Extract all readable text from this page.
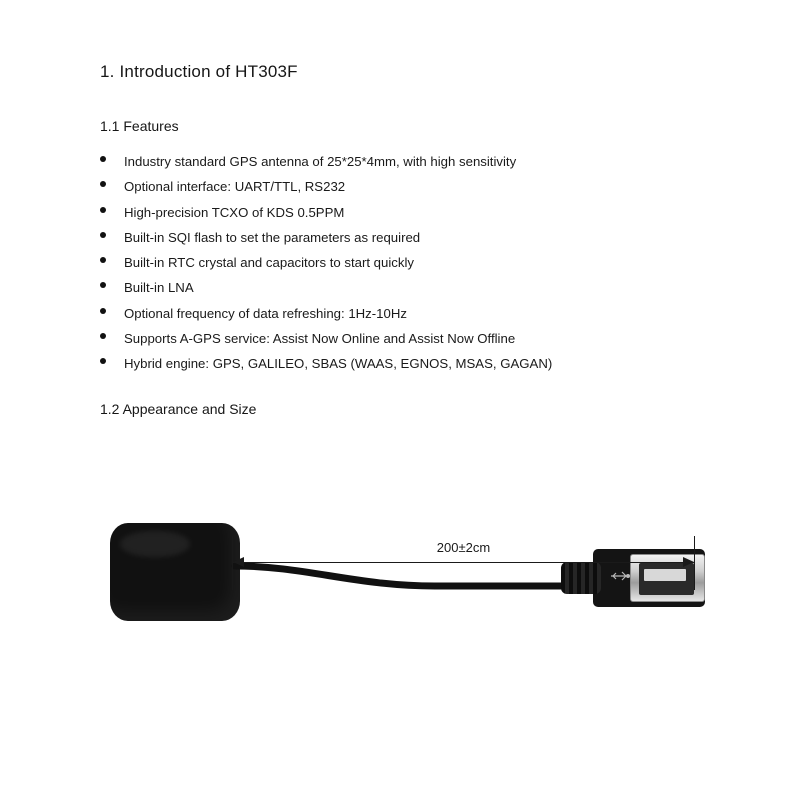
1. Introduction of HT303F
1.1 Features
Industry standard GPS antenna of 25*25*4mm, with high sensitivity
Optional interface: UART/TTL, RS232
High-precision TCXO of KDS 0.5PPM
Built-in SQI flash to set the parameters as required
Built-in RTC crystal and capacitors to start quickly
Built-in LNA
Optional frequency of data refreshing: 1Hz-10Hz
Supports A-GPS service: Assist Now Online and Assist Now Offline
Hybrid engine: GPS, GALILEO, SBAS (WAAS, EGNOS, MSAS, GAGAN)
1.2 Appearance and Size
200±2cm
